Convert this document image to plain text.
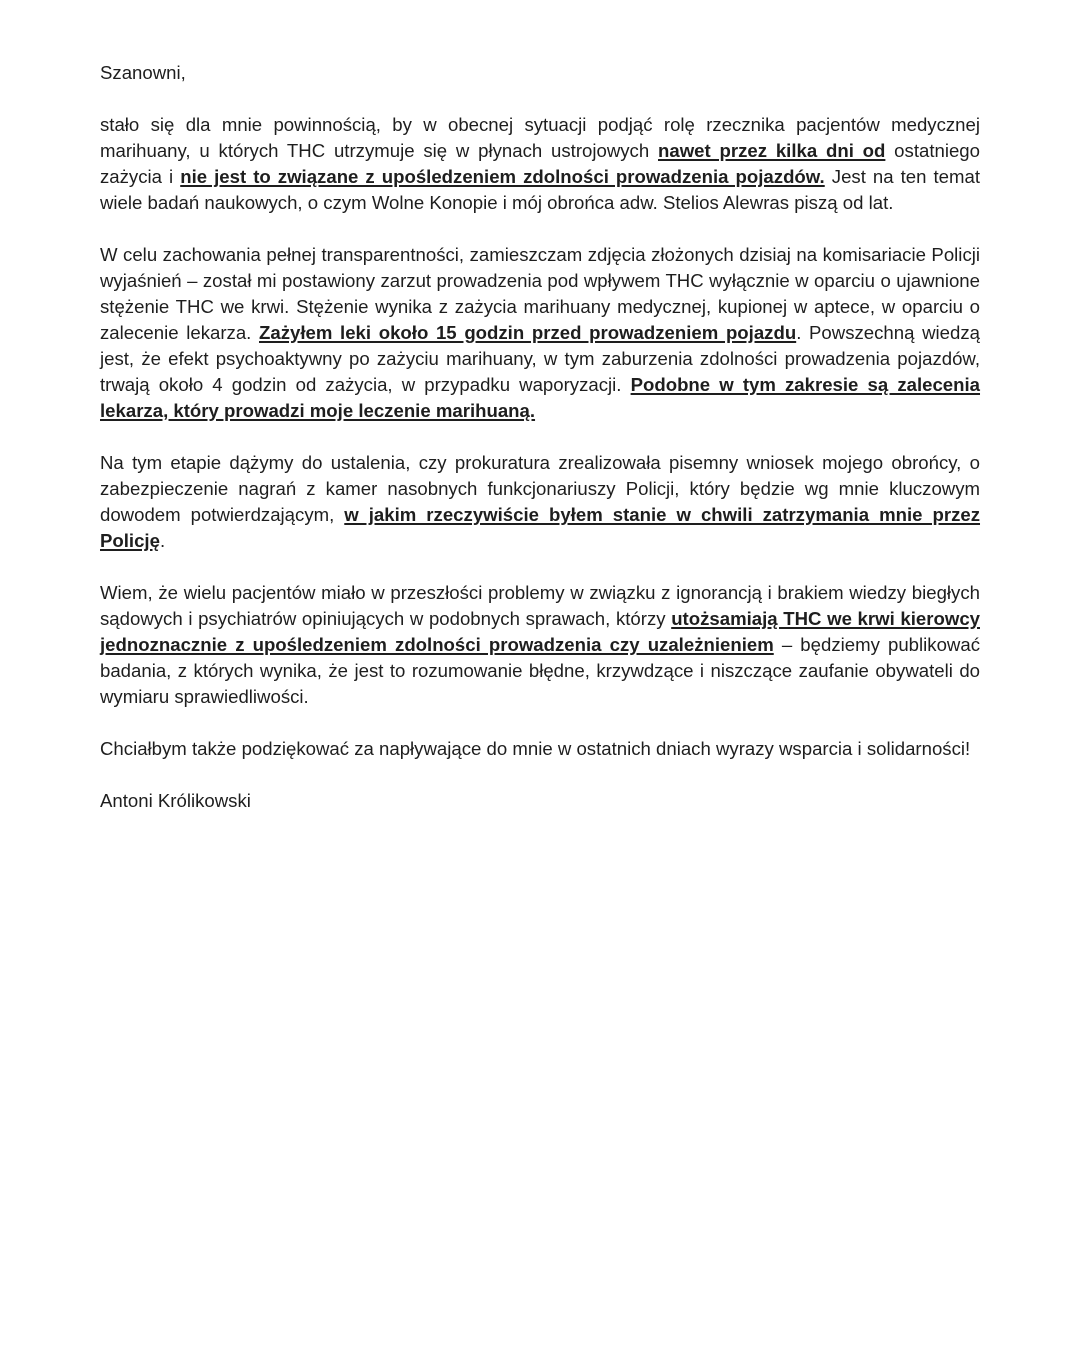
Szanowni,

stało się dla mnie powinnością, by w obecnej sytuacji podjąć rolę rzecznika pacjentów medycznej marihuany, u których THC utrzymuje się w płynach ustrojowych nawet przez kilka dni od ostatniego zażycia i nie jest to związane z upośledzeniem zdolności prowadzenia pojazdów. Jest na ten temat wiele badań naukowych, o czym Wolne Konopie i mój obrońca adw. Stelios Alewras piszą od lat.

W celu zachowania pełnej transparentności, zamieszczam zdjęcia złożonych dzisiaj na komisariacie Policji wyjaśnień – został mi postawiony zarzut prowadzenia pod wpływem THC wyłącznie w oparciu o ujawnione stężenie THC we krwi. Stężenie wynika z zażycia marihuany medycznej, kupionej w aptece, w oparciu o zalecenie lekarza. Zażyłem leki około 15 godzin przed prowadzeniem pojazdu. Powszechną wiedzą jest, że efekt psychoaktywny po zażyciu marihuany, w tym zaburzenia zdolności prowadzenia pojazdów, trwają około 4 godzin od zażycia, w przypadku waporyzacji. Podobne w tym zakresie są zalecenia lekarza, który prowadzi moje leczenie marihuaną.

Na tym etapie dążymy do ustalenia, czy prokuratura zrealizowała pisemny wniosek mojego obrońcy, o zabezpieczenie nagrań z kamer nasobnych funkcjonariuszy Policji, który będzie wg mnie kluczowym dowodem potwierdzającym, w jakim rzeczywiście byłem stanie w chwili zatrzymania mnie przez Policję.

Wiem, że wielu pacjentów miało w przeszłości problemy w związku z ignorancją i brakiem wiedzy biegłych sądowych i psychiatrów opiniujących w podobnych sprawach, którzy utożsamiają THC we krwi kierowcy jednoznacznie z upośledzeniem zdolności prowadzenia czy uzależnieniem – będziemy publikować badania, z których wynika, że jest to rozumowanie błędne, krzywdzące i niszczące zaufanie obywateli do wymiaru sprawiedliwości.

Chciałbym także podziękować za napływające do mnie w ostatnich dniach wyrazy wsparcia i solidarności!

Antoni Królikowski
